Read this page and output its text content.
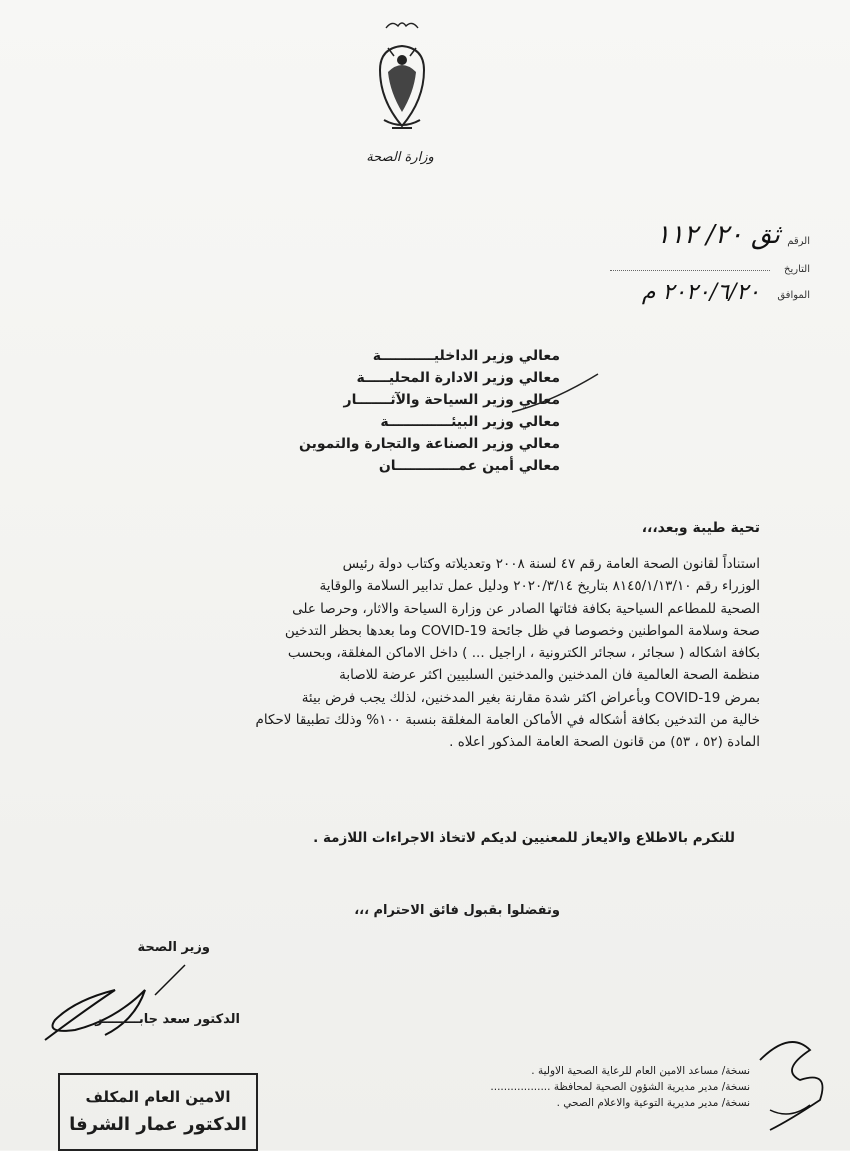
وزارة الصحة
الرقم
ثق ٢٠/ ١١٢
التاريخ
الموافق
٢٠٢٠/٦/٢٠ م
معالي وزير الداخليـــــــــــة
معالي وزير الادارة المحليـــــة
معالي وزير السياحة والآثـــــــار
معالي وزير البيئـــــــــــــة
معالي وزير الصناعة والتجارة والتموين
معالي أمين عمـــــــــــــان
تحية طيبة وبعد،،،
استناداً لقانون الصحة العامة رقم ٤٧ لسنة ٢٠٠٨ وتعديلاته وكتاب دولة رئيس
الوزراء رقم ٨١٤٥/١/١٣/١٠ بتاريخ ٢٠٢٠/٣/١٤ ودليل عمل تدابير السلامة والوقاية
الصحية للمطاعم السياحية بكافة فئاتها الصادر عن وزارة السياحة والاثار، وحرصا على
صحة وسلامة المواطنين وخصوصا في ظل جائحة COVID-19 وما بعدها بحظر التدخين
بكافة اشكاله ( سجائر ، سجائر الكترونية ، اراجيل ... ) داخل الاماكن المغلقة، وبحسب
منظمة الصحة العالمية فان المدخنين والمدخنين السلبيين اكثر عرضة للاصابة
بمرض COVID-19 وبأعراض اكثر شدة مقارنة بغير المدخنين، لذلك يجب فرض بيئة
خالية من التدخين بكافة أشكاله في الأماكن العامة المغلقة بنسبة ١٠٠% وذلك تطبيقا لاحكام
المادة (٥٢ ، ٥٣) من قانون الصحة العامة المذكور اعلاه .
للتكرم بالاطلاع والايعاز للمعنيين لديكم لاتخاذ الاجراءات اللازمة .
وتفضلوا بقبول فائق الاحترام ،،،
وزير الصحة
الدكتور سعد جابــــــــر
الامين العام المكلف
الدكتور عمار الشرفا
نسخة/ مساعد الامين العام للرعاية الصحية الاولية .
نسخة/ مدير مديرية الشؤون الصحية لمحافظة ..................
نسخة/ مدير مديرية التوعية والاعلام الصحي .
